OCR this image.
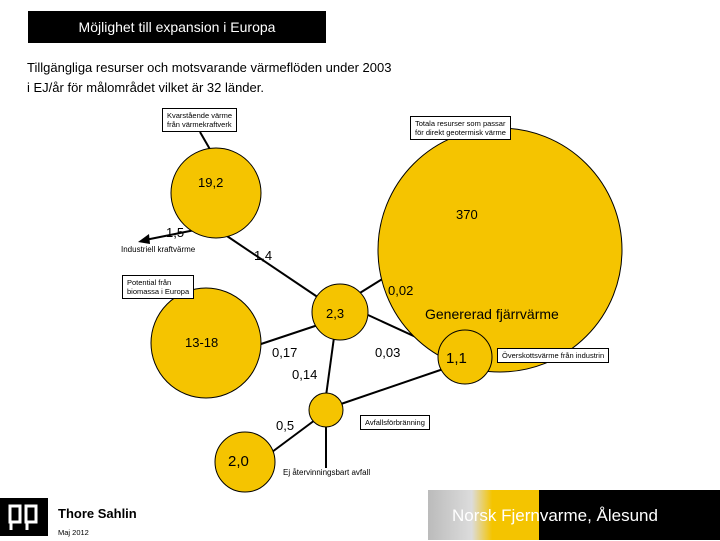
Möjlighet till expansion i Europa
Tillgängliga resurser och motsvarande värmeflöden under 2003
i EJ/år för målområdet vilket är 32 länder.
Kvarstående värme
från värmekraftverk	Totala resurser som passar
för direkt geotermisk värme
Potential från
biomassa i Europa
Överskottsvärme från industrin
Avfallsförbränning
Industriell kraftvärme
Ej återvinningsbart avfall
Genererad fjärrvärme
19,2
370
1,5
1,4
0,02
2,3
13-18
0,17	0,03	1,1
0,14
0,5
2,0
Thore Sahlin
Maj 2012
Norsk Fjernvarme, Ålesund
